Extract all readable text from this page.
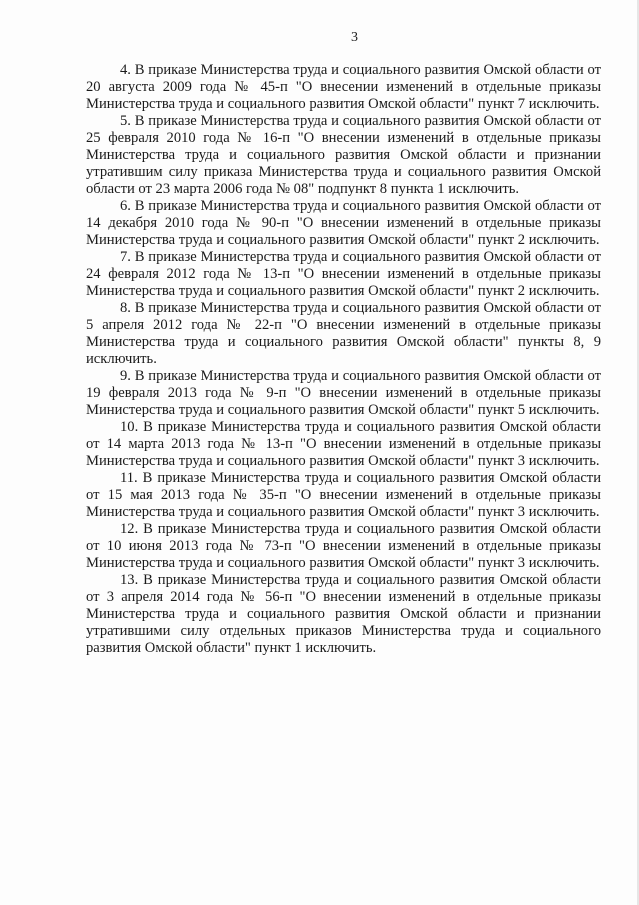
3

4. В приказе Министерства труда и социального развития Омской области от 20 августа 2009 года № 45-п "О внесении изменений в отдельные приказы Министерства труда и социального развития Омской области" пункт 7 исключить.

5. В приказе Министерства труда и социального развития Омской области от 25 февраля 2010 года № 16-п "О внесении изменений в отдельные приказы Министерства труда и социального развития Омской области и признании утратившим силу приказа Министерства труда и социального развития Омской области от 23 марта 2006 года № 08" подпункт 8 пункта 1 исключить.

6. В приказе Министерства труда и социального развития Омской области от 14 декабря 2010 года № 90-п "О внесении изменений в отдельные приказы Министерства труда и социального развития Омской области" пункт 2 исключить.

7. В приказе Министерства труда и социального развития Омской области от 24 февраля 2012 года № 13-п "О внесении изменений в отдельные приказы Министерства труда и социального развития Омской области" пункт 2 исключить.

8. В приказе Министерства труда и социального развития Омской области от 5 апреля 2012 года № 22-п "О внесении изменений в отдельные приказы Министерства труда и социального развития Омской области" пункты 8, 9 исключить.

9. В приказе Министерства труда и социального развития Омской области от 19 февраля 2013 года № 9-п "О внесении изменений в отдельные приказы Министерства труда и социального развития Омской области" пункт 5 исключить.

10. В приказе Министерства труда и социального развития Омской области от 14 марта 2013 года № 13-п "О внесении изменений в отдельные приказы Министерства труда и социального развития Омской области" пункт 3 исключить.

11. В приказе Министерства труда и социального развития Омской области от 15 мая 2013 года № 35-п "О внесении изменений в отдельные приказы Министерства труда и социального развития Омской области" пункт 3 исключить.

12. В приказе Министерства труда и социального развития Омской области от 10 июня 2013 года № 73-п "О внесении изменений в отдельные приказы Министерства труда и социального развития Омской области" пункт 3 исключить.

13. В приказе Министерства труда и социального развития Омской области от 3 апреля 2014 года № 56-п "О внесении изменений в отдельные приказы Министерства труда и социального развития Омской области и признании утратившими силу отдельных приказов Министерства труда и социального развития Омской области" пункт 1 исключить.
